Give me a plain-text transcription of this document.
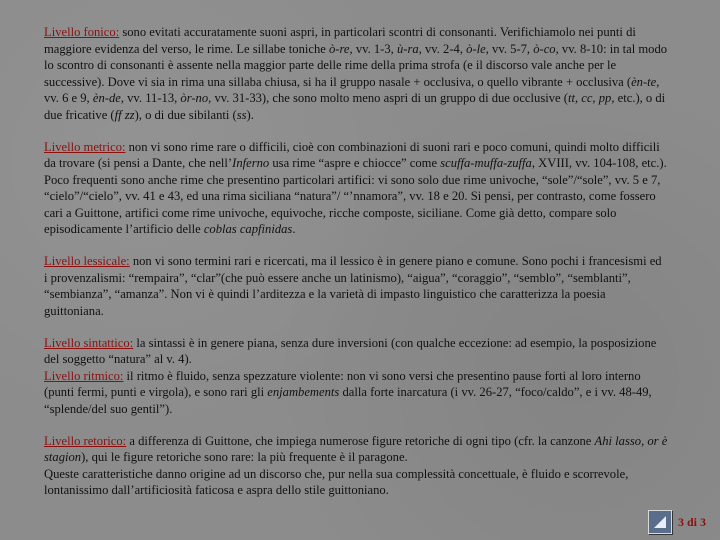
Livello fonico: sono evitati accuratamente suoni aspri, in particolari scontri di consonanti. Verifichiamolo nei punti di maggiore evidenza del verso, le rime. Le sillabe toniche ò-re, vv. 1-3, ù-ra, vv. 2-4, ò-le, vv. 5-7, ò-co, vv. 8-10: in tal modo lo scontro di consonanti è assente nella maggior parte delle rime della prima strofa (e il discorso vale anche per le successive). Dove vi sia in rima una sillaba chiusa, si ha il gruppo nasale + occlusiva, o quello vibrante + occlusiva (èn-te, vv. 6 e 9, èn-de, vv. 11-13, òr-no, vv. 31-33), che sono molto meno aspri di un gruppo di due occlusive (tt, cc, pp, etc.), o di due fricative (ff zz), o di due sibilanti (ss).

Livello metrico: non vi sono rime rare o difficili, cioè con combinazioni di suoni rari e poco comuni, quindi molto difficili da trovare (si pensi a Dante, che nell’Inferno usa rime “aspre e chiocce” come scuffa-muffa-zuffa, XVIII, vv. 104-108, etc.). Poco frequenti sono anche rime che presentino particolari artifici: vi sono solo due rime univoche, “sole”/“sole”, vv. 5 e 7, “cielo”/“cielo”, vv. 41 e 43, ed una rima siciliana “natura”/ “’nnamora”, vv. 18 e 20. Si pensi, per contrasto, come fossero cari a Guittone, artifici come rime univoche, equivoche, ricche composte, siciliane. Come già detto, compare solo episodicamente l’artificio delle coblas capfinidas.

Livello lessicale: non vi sono termini rari e ricercati, ma il lessico è in genere piano e comune. Sono pochi i francesismi ed i provenzalismi: “rempaira”, “clar”(che può essere anche un latinismo), “aigua”, “coraggio”, “semblo”, “semblanti”, “sembianza”, “amanza”. Non vi è quindi l’arditezza e la varietà di impasto linguistico che caratterizza la poesia guittoniana.

Livello sintattico: la sintassi è in genere piana, senza dure inversioni (con qualche eccezione: ad esempio, la posposizione del soggetto “natura” al v. 4).
Livello ritmico: il ritmo è fluido, senza spezzature violente: non vi sono versi che presentino pause forti al loro interno (punti fermi, punti e virgola), e sono rari gli enjambements dalla forte inarcatura (i vv. 26-27, “foco/caldo”, e i vv. 48-49, “splende/del suo gentil”).

Livello retorico: a differenza di Guittone, che impiega numerose figure retoriche di ogni tipo (cfr. la canzone Ahi lasso, or è stagion), qui le figure retoriche sono rare: la più frequente è il paragone.
Queste caratteristiche danno origine ad un discorso che, pur nella sua complessità concettuale, è fluido e scorrevole, lontanissimo dall’artificiosità faticosa e aspra dello stile guittoniano.

3 di 3
